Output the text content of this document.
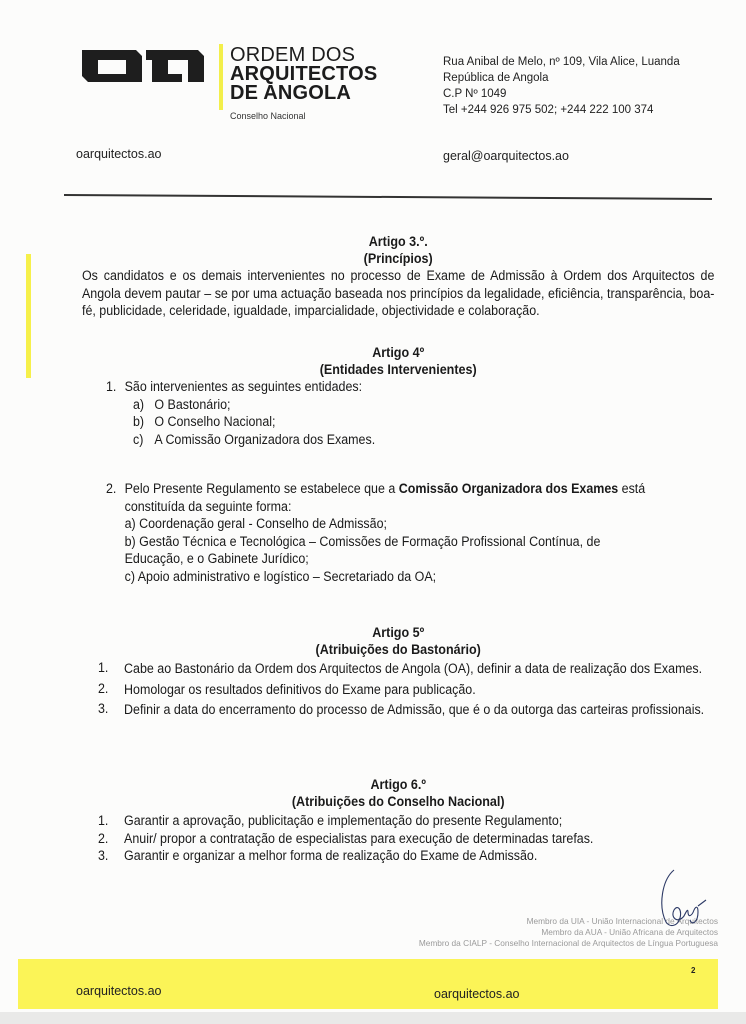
ORDEM DOS
ARQUITECTOS
DE ANGOLA
Conselho Nacional
Rua Anibal de Melo, nº 109, Vila Alice, Luanda
República de Angola
C.P Nº 1049
Tel +244 926 975 502; +244 222 100 374
oarquitectos.ao	geral@oarquitectos.ao
Artigo 3.º.
(Princípios)
Os candidatos e os demais intervenientes no processo de Exame de Admissão à Ordem dos Arquitectos de Angola devem pautar – se por uma actuação baseada nos princípios da legalidade, eficiência, transparência, boa-fé, publicidade, celeridade, igualdade, imparcialidade, objectividade e colaboração.
Artigo 4º
(Entidades Intervenientes)
1. São intervenientes as seguintes entidades:
a) O Bastonário;
b) O Conselho Nacional;
c) A Comissão Organizadora dos Exames.
2. Pelo Presente Regulamento se estabelece que a Comissão Organizadora dos Exames está
constituída da seguinte forma:
a) Coordenação geral - Conselho de Admissão;
b) Gestão Técnica e Tecnológica – Comissões de Formação Profissional Contínua, de
Educação, e o Gabinete Jurídico;
c) Apoio administrativo e logístico – Secretariado da OA;
Artigo 5º
(Atribuições do Bastonário)
1.	Cabe ao Bastonário da Ordem dos Arquitectos de Angola (OA), definir a data de realização dos Exames.
2.	Homologar os resultados definitivos do Exame para publicação.
3.	Definir a data do encerramento do processo de Admissão, que é o da outorga das carteiras profissionais.
Artigo 6.º
(Atribuições do Conselho Nacional)
1. Garantir a aprovação, publicitação e implementação do presente Regulamento;
2. Anuir/ propor a contratação de especialistas para execução de determinadas tarefas.
3. Garantir e organizar a melhor forma de realização do Exame de Admissão.
Membro da UIA - União Internacional de Arquitectos
Membro da AUA - União Africana de Arquitectos
Membro da CIALP - Conselho Internacional de Arquitectos de Língua Portuguesa
2
oarquitectos.ao	oarquitectos.ao
